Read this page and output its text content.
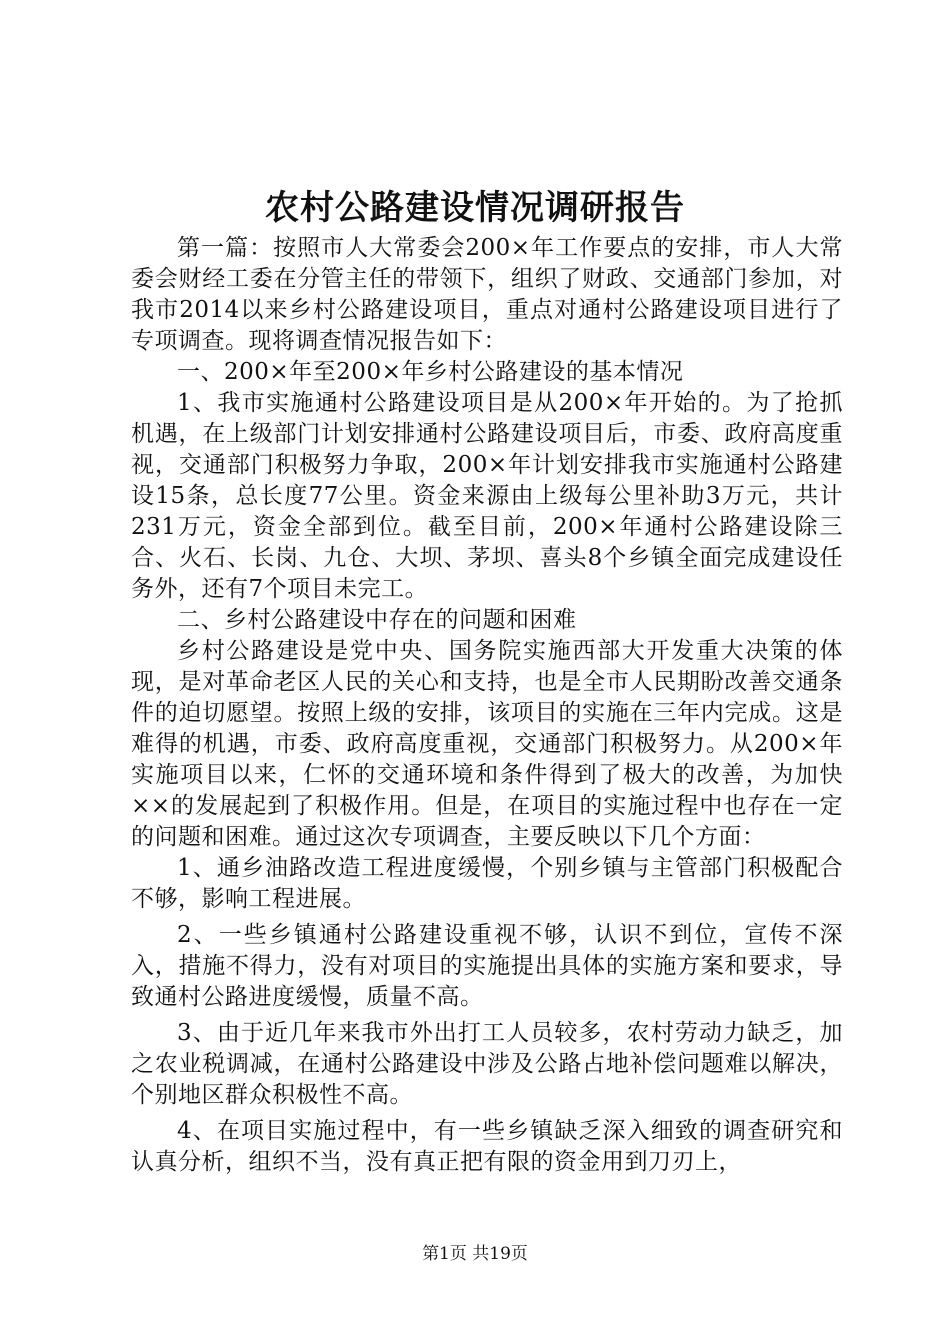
农村公路建设情况调研报告

第一篇：按照市人大常委会200×年工作要点的安排，市人大常委会财经工委在分管主任的带领下，组织了财政、交通部门参加，对我市2014以来乡村公路建设项目，重点对通村公路建设项目进行了专项调查。现将调查情况报告如下：

一、200×年至200×年乡村公路建设的基本情况

1、我市实施通村公路建设项目是从200×年开始的。为了抢抓机遇，在上级部门计划安排通村公路建设项目后，市委、政府高度重视，交通部门积极努力争取，200×年计划安排我市实施通村公路建设15条，总长度77公里。资金来源由上级每公里补助3万元，共计231万元，资金全部到位。截至目前，200×年通村公路建设除三合、火石、长岗、九仓、大坝、茅坝、喜头8个乡镇全面完成建设任务外，还有7个项目未完工。

二、乡村公路建设中存在的问题和困难

乡村公路建设是党中央、国务院实施西部大开发重大决策的体现，是对革命老区人民的关心和支持，也是全市人民期盼改善交通条件的迫切愿望。按照上级的安排，该项目的实施在三年内完成。这是难得的机遇，市委、政府高度重视，交通部门积极努力。从200×年实施项目以来，仁怀的交通环境和条件得到了极大的改善，为加快××的发展起到了积极作用。但是，在项目的实施过程中也存在一定的问题和困难。通过这次专项调查，主要反映以下几个方面：

1、通乡油路改造工程进度缓慢，个别乡镇与主管部门积极配合不够，影响工程进展。

2、一些乡镇通村公路建设重视不够，认识不到位，宣传不深入，措施不得力，没有对项目的实施提出具体的实施方案和要求，导致通村公路进度缓慢，质量不高。

3、由于近几年来我市外出打工人员较多，农村劳动力缺乏，加之农业税调减，在通村公路建设中涉及公路占地补偿问题难以解决，个别地区群众积极性不高。

4、在项目实施过程中，有一些乡镇缺乏深入细致的调查研究和认真分析，组织不当，没有真正把有限的资金用到刀刃上，

第1页 共19页
